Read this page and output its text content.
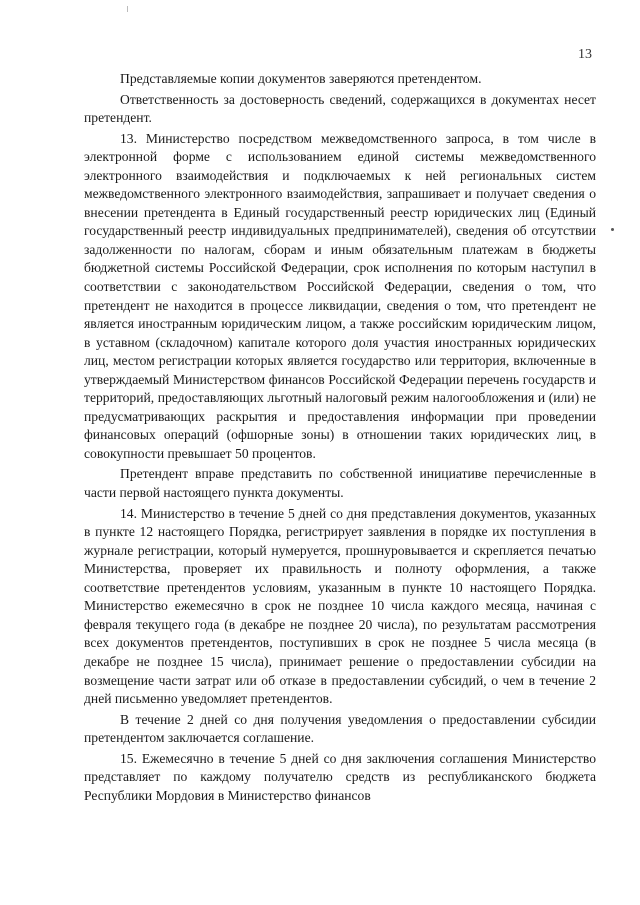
13

Представляемые копии документов заверяются претендентом.

Ответственность за достоверность сведений, содержащихся в документах несет претендент.

13. Министерство посредством межведомственного запроса, в том числе в электронной форме с использованием единой системы межведомственного электронного взаимодействия и подключаемых к ней региональных систем межведомственного электронного взаимодействия, запрашивает и получает сведения о внесении претендента в Единый государственный реестр юридических лиц (Единый государственный реестр индивидуальных предпринимателей), сведения об отсутствии задолженности по налогам, сборам и иным обязательным платежам в бюджеты бюджетной системы Российской Федерации, срок исполнения по которым наступил в соответствии с законодательством Российской Федерации, сведения о том, что претендент не находится в процессе ликвидации, сведения о том, что претендент не является иностранным юридическим лицом, а также российским юридическим лицом, в уставном (складочном) капитале которого доля участия иностранных юридических лиц, местом регистрации которых является государство или территория, включенные в утверждаемый Министерством финансов Российской Федерации перечень государств и территорий, предоставляющих льготный налоговый режим налогообложения и (или) не предусматривающих раскрытия и предоставления информации при проведении финансовых операций (офшорные зоны) в отношении таких юридических лиц, в совокупности превышает 50 процентов.

Претендент вправе представить по собственной инициативе перечисленные в части первой настоящего пункта документы.

14. Министерство в течение 5 дней со дня представления документов, указанных в пункте 12 настоящего Порядка, регистрирует заявления в порядке их поступления в журнале регистрации, который нумеруется, прошнуровывается и скрепляется печатью Министерства, проверяет их правильность и полноту оформления, а также соответствие претендентов условиям, указанным в пункте 10 настоящего Порядка. Министерство ежемесячно в срок не позднее 10 числа каждого месяца, начиная с февраля текущего года (в декабре не позднее 20 числа), по результатам рассмотрения всех документов претендентов, поступивших в срок не позднее 5 числа месяца (в декабре не позднее 15 числа), принимает решение о предоставлении субсидии на возмещение части затрат или об отказе в предоставлении субсидий, о чем в течение 2 дней письменно уведомляет претендентов.

В течение 2 дней со дня получения уведомления о предоставлении субсидии претендентом заключается соглашение.

15. Ежемесячно в течение 5 дней со дня заключения соглашения Министерство представляет по каждому получателю средств из республиканского бюджета Республики Мордовия в Министерство финансов
